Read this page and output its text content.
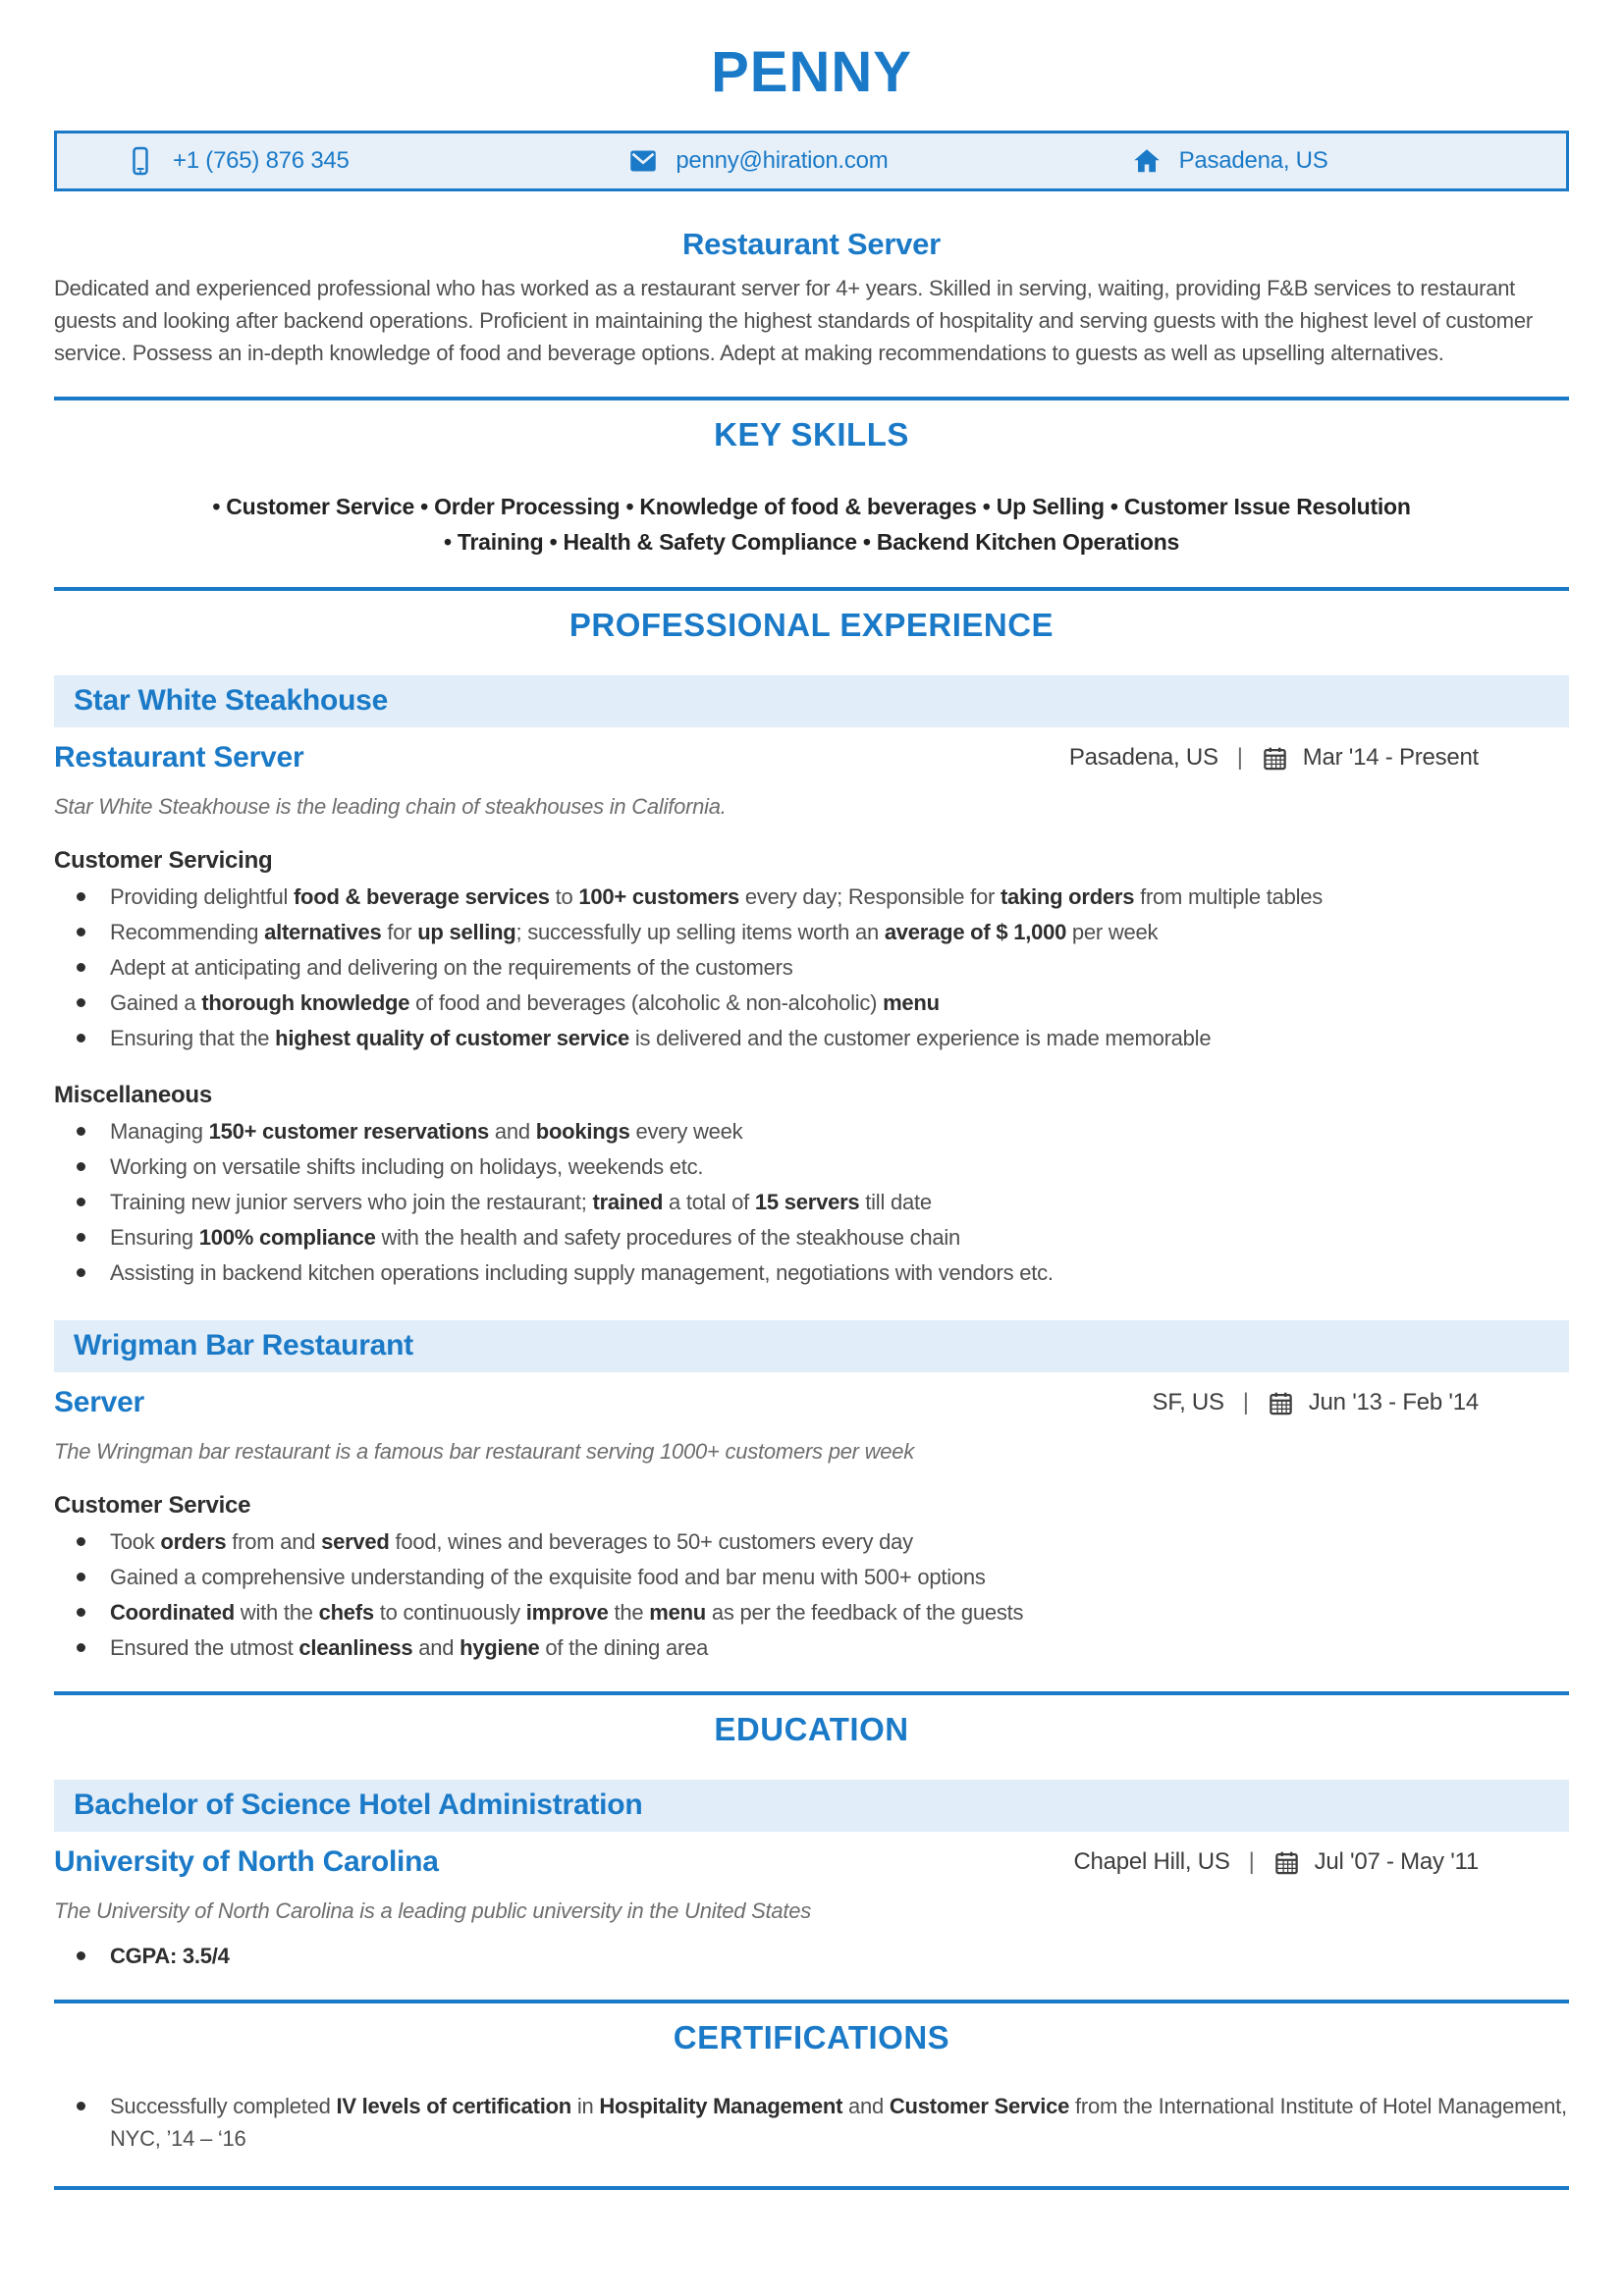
PENNY
+1 (765) 876 345	penny@hiration.com	Pasadena, US
Restaurant Server

Dedicated and experienced professional who has worked as a restaurant server for 4+ years. Skilled in serving, waiting, providing F&B services to restaurant guests and looking after backend operations. Proficient in maintaining the highest standards of hospitality and serving guests with the highest level of customer service. Possess an in-depth knowledge of food and beverage options. Adept at making recommendations to guests as well as upselling alternatives.

KEY SKILLS

• Customer Service • Order Processing • Knowledge of food & beverages • Up Selling • Customer Issue Resolution
• Training • Health & Safety Compliance • Backend Kitchen Operations

PROFESSIONAL EXPERIENCE
Star White Steakhouse
Restaurant Server	Pasadena, US |	Mar '14 - Present

Star White Steakhouse is the leading chain of steakhouses in California.

Customer Servicing
Providing delightful food & beverage services to 100+ customers every day; Responsible for taking orders from multiple tables
Recommending alternatives for up selling; successfully up selling items worth an average of $ 1,000 per week
Adept at anticipating and delivering on the requirements of the customers
Gained a thorough knowledge of food and beverages (alcoholic & non-alcoholic) menu
Ensuring that the highest quality of customer service is delivered and the customer experience is made memorable
Miscellaneous
Managing 150+ customer reservations and bookings every week
Working on versatile shifts including on holidays, weekends etc.
Training new junior servers who join the restaurant; trained a total of 15 servers till date
Ensuring 100% compliance with the health and safety procedures of the steakhouse chain
Assisting in backend kitchen operations including supply management, negotiations with vendors etc.
Wrigman Bar Restaurant
Server	SF, US |	Jun '13 - Feb '14

The Wringman bar restaurant is a famous bar restaurant serving 1000+ customers per week

Customer Service
Took orders from and served food, wines and beverages to 50+ customers every day
Gained a comprehensive understanding of the exquisite food and bar menu with 500+ options
Coordinated with the chefs to continuously improve the menu as per the feedback of the guests
Ensured the utmost cleanliness and hygiene of the dining area
EDUCATION
Bachelor of Science Hotel Administration
University of North Carolina	Chapel Hill, US |	Jul '07 - May '11

The University of North Carolina is a leading public university in the United States

CGPA: 3.5/4
CERTIFICATIONS
Successfully completed IV levels of certification in Hospitality Management and Customer Service from the International Institute of Hotel Management, NYC, ’14 – ‘16
